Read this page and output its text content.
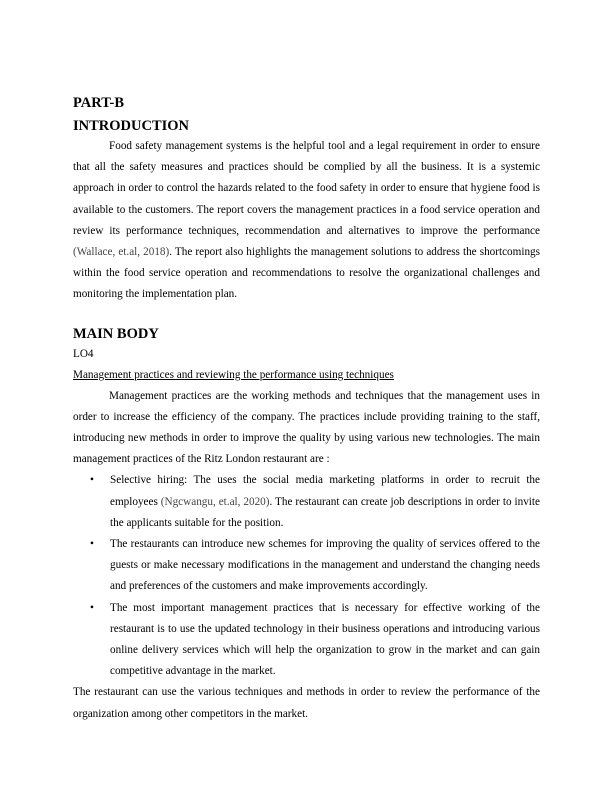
PART-B

INTRODUCTION

Food safety management systems is the helpful tool and a legal requirement in order to ensure that all the safety measures and practices should be complied by all the business. It is a systemic approach in order to control the hazards related to the food safety in order to ensure that hygiene food is available to the customers. The report covers the management practices in a food service operation and review its performance techniques, recommendation and alternatives to improve the performance (Wallace, et.al, 2018). The report also highlights the management solutions to address the shortcomings within the food service operation and recommendations to resolve the organizational challenges and monitoring the implementation plan.

MAIN BODY

LO4

Management practices and reviewing the performance using techniques

Management practices are the working methods and techniques that the management uses in order to increase the efficiency of the company. The practices include providing training to the staff, introducing new methods in order to improve the quality by using various new technologies. The main management practices of the Ritz London restaurant are :

• Selective hiring: The uses the social media marketing platforms in order to recruit the employees (Ngcwangu, et.al, 2020). The restaurant can create job descriptions in order to invite the applicants suitable for the position.
• The restaurants can introduce new schemes for improving the quality of services offered to the guests or make necessary modifications in the management and understand the changing needs and preferences of the customers and make improvements accordingly.
• The most important management practices that is necessary for effective working of the restaurant is to use the updated technology in their business operations and introducing various online delivery services which will help the organization to grow in the market and can gain competitive advantage in the market.

The restaurant can use the various techniques and methods in order to review the performance of the organization among other competitors in the market.
